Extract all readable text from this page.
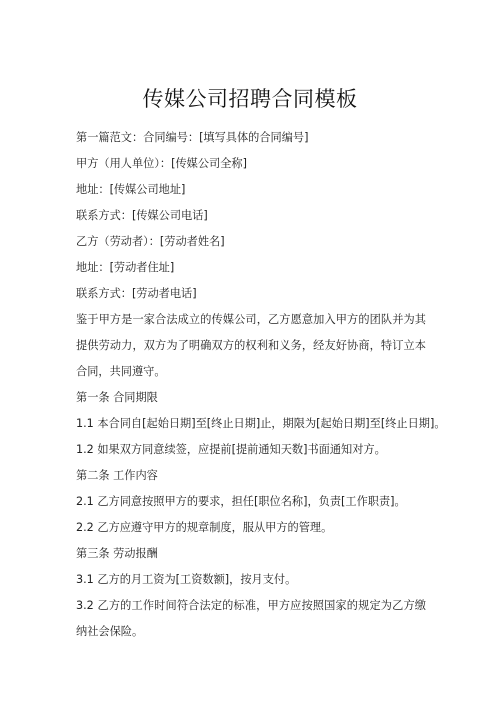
传媒公司招聘合同模板

第一篇范文：合同编号：[填写具体的合同编号]

甲方（用人单位）：[传媒公司全称]

地址：[传媒公司地址]

联系方式：[传媒公司电话]

乙方（劳动者）：[劳动者姓名]

地址：[劳动者住址]

联系方式：[劳动者电话]

鉴于甲方是一家合法成立的传媒公司，乙方愿意加入甲方的团队并为其提供劳动力，双方为了明确双方的权利和义务，经友好协商，特订立本合同，共同遵守。

第一条 合同期限

1.1 本合同自[起始日期]至[终止日期]止，期限为[起始日期]至[终止日期]。

1.2 如果双方同意续签，应提前[提前通知天数]书面通知对方。

第二条 工作内容

2.1 乙方同意按照甲方的要求，担任[职位名称]，负责[工作职责]。

2.2 乙方应遵守甲方的规章制度，服从甲方的管理。

第三条 劳动报酬

3.1 乙方的月工资为[工资数额]，按月支付。

3.2 乙方的工作时间符合法定的标准，甲方应按照国家的规定为乙方缴纳社会保险。
